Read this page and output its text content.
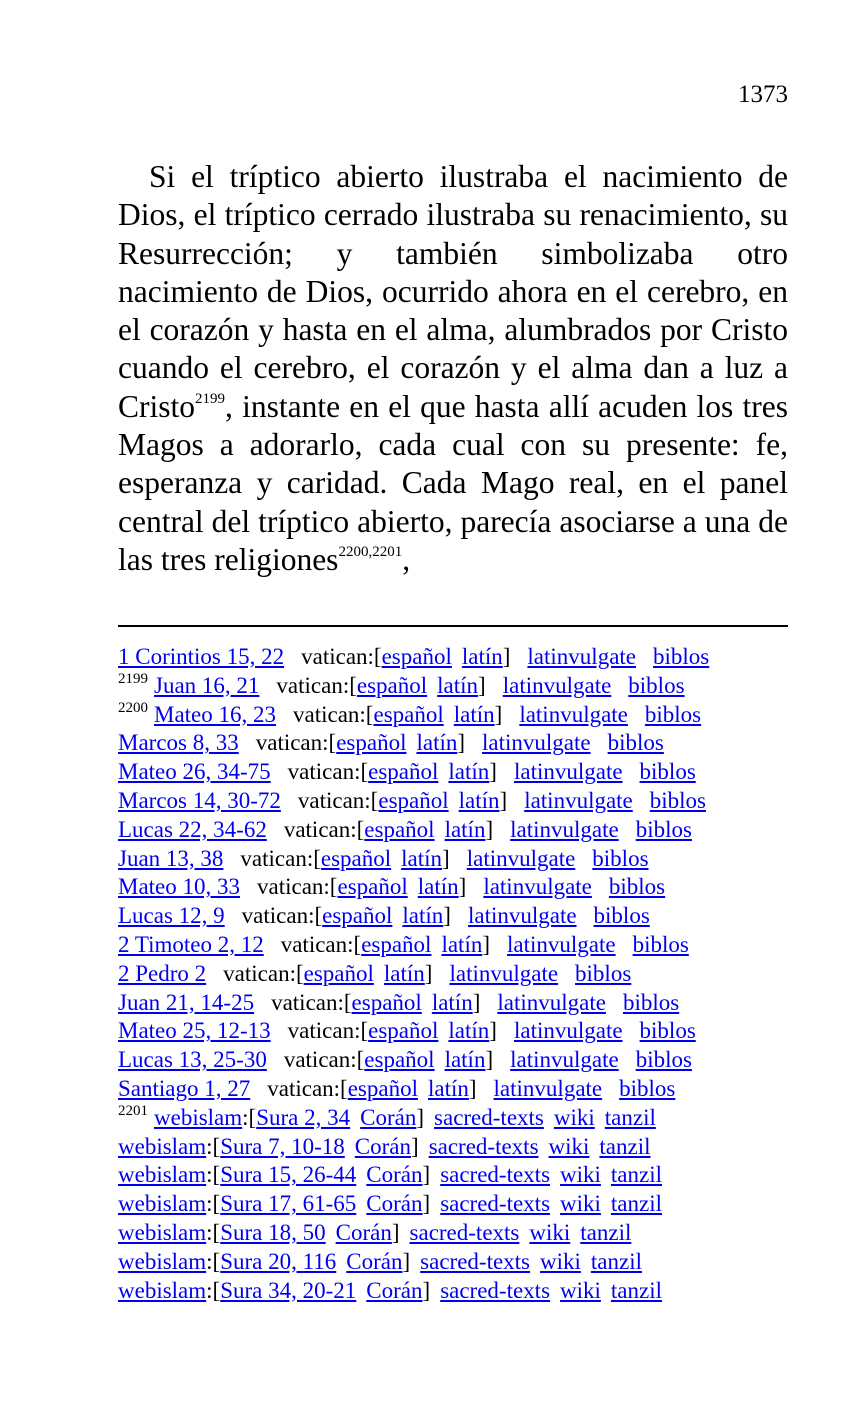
1373
Si el tríptico abierto ilustraba el nacimiento de Dios, el tríptico cerrado ilustraba su renacimiento, su Resurrección; y también simbolizaba otro nacimiento de Dios, ocurrido ahora en el cerebro, en el corazón y hasta en el alma, alumbrados por Cristo cuando el cerebro, el corazón y el alma dan a luz a Cristo$^{2199}$, instante en el que hasta allí acuden los tres Magos a adorarlo, cada cual con su presente: fe, esperanza y caridad. Cada Mago real, en el panel central del tríptico abierto, parecía asociarse a una de las tres religiones$^{2200,2201}$,
1 Corintios 15, 22 vatican:[español latín] latinvulgate biblos
$^{2199}$ Juan 16, 21 vatican:[español latín] latinvulgate biblos
$^{2200}$ Mateo 16, 23 vatican:[español latín] latinvulgate biblos
Marcos 8, 33 vatican:[español latín] latinvulgate biblos
Mateo 26, 34-75 vatican:[español latín] latinvulgate biblos
Marcos 14, 30-72 vatican:[español latín] latinvulgate biblos
Lucas 22, 34-62 vatican:[español latín] latinvulgate biblos
Juan 13, 38 vatican:[español latín] latinvulgate biblos
Mateo 10, 33 vatican:[español latín] latinvulgate biblos
Lucas 12, 9 vatican:[español latín] latinvulgate biblos
2 Timoteo 2, 12 vatican:[español latín] latinvulgate biblos
2 Pedro 2 vatican:[español latín] latinvulgate biblos
Juan 21, 14-25 vatican:[español latín] latinvulgate biblos
Mateo 25, 12-13 vatican:[español latín] latinvulgate biblos
Lucas 13, 25-30 vatican:[español latín] latinvulgate biblos
Santiago 1, 27 vatican:[español latín] latinvulgate biblos
$^{2201}$ webislam:[Sura 2, 34 Corán] sacred-texts wiki tanzil
webislam:[Sura 7, 10-18 Corán] sacred-texts wiki tanzil
webislam:[Sura 15, 26-44 Corán] sacred-texts wiki tanzil
webislam:[Sura 17, 61-65 Corán] sacred-texts wiki tanzil
webislam:[Sura 18, 50 Corán] sacred-texts wiki tanzil
webislam:[Sura 20, 116 Corán] sacred-texts wiki tanzil
webislam:[Sura 34, 20-21 Corán] sacred-texts wiki tanzil
